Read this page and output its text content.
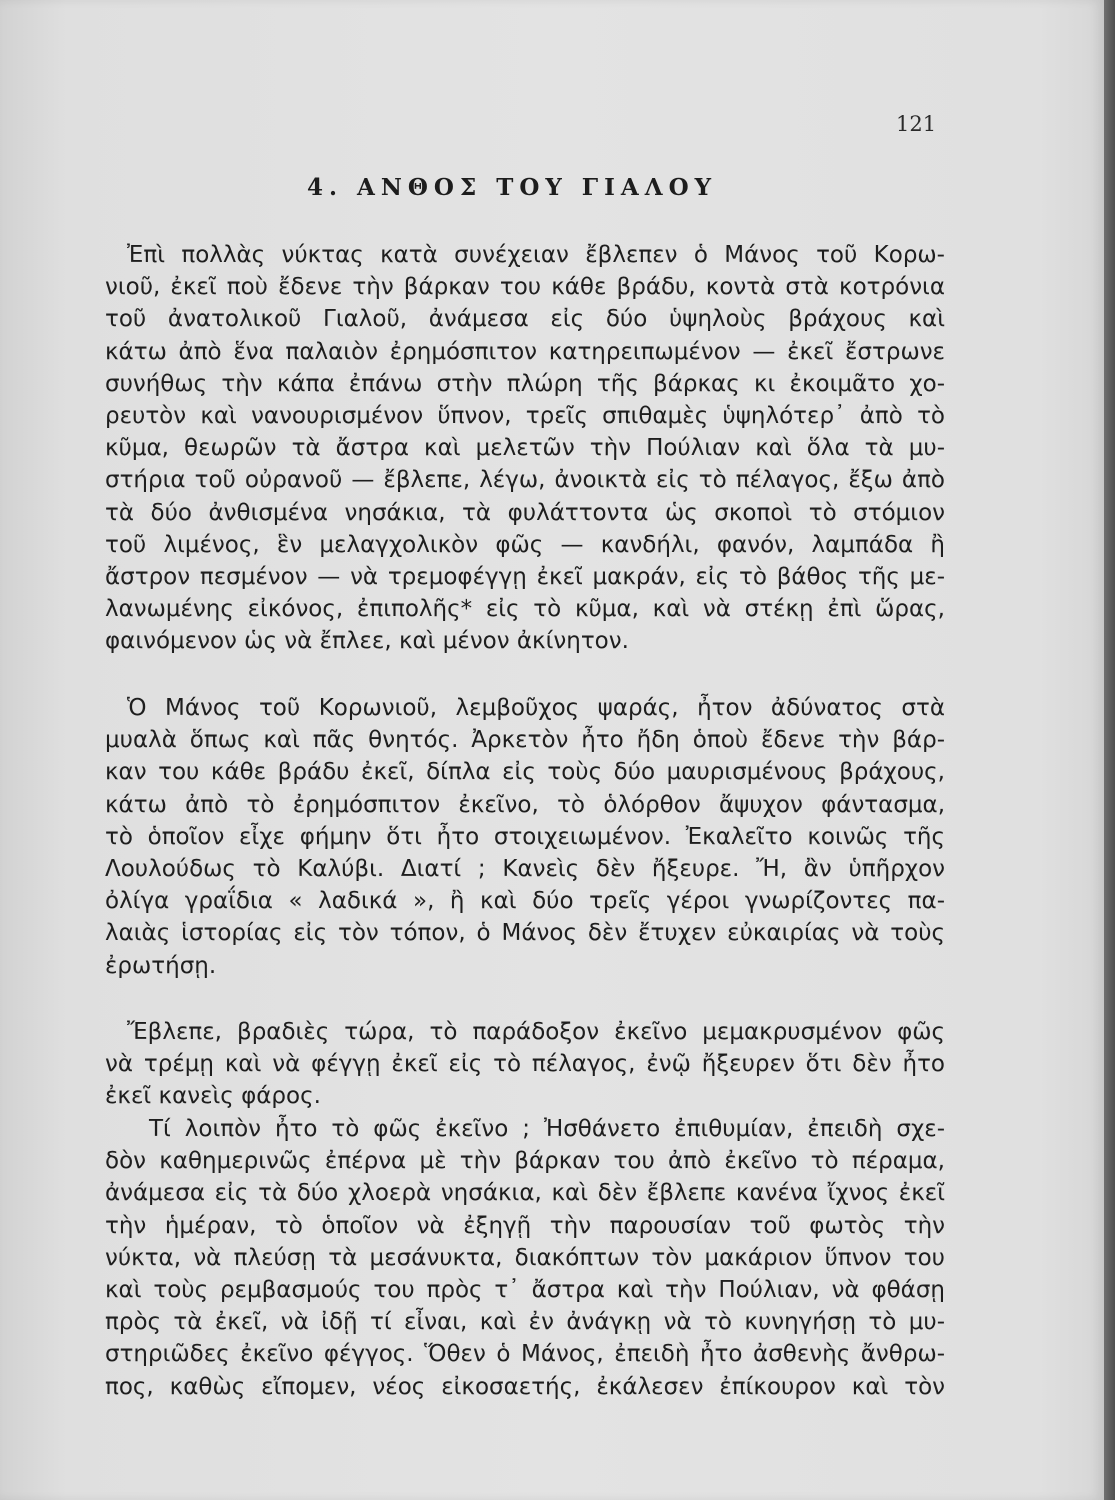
121
4. ΑΝΘΟΣ ΤΟΥ ΓΙΑΛΟΥ
Ἐπὶ πολλὰς νύκτας κατὰ συνέχειαν ἔβλεπεν ὁ Μάνος τοῦ Κορω-
νιοῦ, ἐκεῖ ποὺ ἔδενε τὴν βάρκαν του κάθε βράδυ, κοντὰ στὰ κοτρόνια
τοῦ ἀνατολικοῦ Γιαλοῦ, ἀνάμεσα εἰς δύο ὑψηλοὺς βράχους καὶ
κάτω ἀπὸ ἕνα παλαιὸν ἐρημόσπιτον κατηρειπωμένον — ἐκεῖ ἔστρωνε
συνήθως τὴν κάπα ἐπάνω στὴν πλώρη τῆς βάρκας κι ἐκοιμᾶτο χο-
ρευτὸν καὶ νανουρισμένον ὕπνον, τρεῖς σπιθαμὲς ὑψηλότερ᾽ ἀπὸ τὸ
κῦμα, θεωρῶν τὰ ἄστρα καὶ μελετῶν τὴν Πούλιαν καὶ ὅλα τὰ μυ-
στήρια τοῦ οὐρανοῦ — ἔβλεπε, λέγω, ἀνοικτὰ εἰς τὸ πέλαγος, ἔξω ἀπὸ
τὰ δύο ἀνθισμένα νησάκια, τὰ φυλάττοντα ὡς σκοποὶ τὸ στόμιον
τοῦ λιμένος, ἓν μελαγχολικὸν φῶς — κανδήλι, φανόν, λαμπάδα ἢ
ἄστρον πεσμένον — νὰ τρεμοφέγγῃ ἐκεῖ μακράν, εἰς τὸ βάθος τῆς με-
λανωμένης εἰκόνος, ἐπιπολῆς* εἰς τὸ κῦμα, καὶ νὰ στέκῃ ἐπὶ ὥρας,
φαινόμενον ὡς νὰ ἔπλεε, καὶ μένον ἀκίνητον.
Ὁ Μάνος τοῦ Κορωνιοῦ, λεμβοῦχος ψαράς, ἦτον ἀδύνατος στὰ
μυαλὰ ὅπως καὶ πᾶς θνητός. Ἀρκετὸν ἦτο ἤδη ὁποὺ ἔδενε τὴν βάρ-
καν του κάθε βράδυ ἐκεῖ, δίπλα εἰς τοὺς δύο μαυρισμένους βράχους,
κάτω ἀπὸ τὸ ἐρημόσπιτον ἐκεῖνο, τὸ ὁλόρθον ἄψυχον φάντασμα,
τὸ ὁποῖον εἶχε φήμην ὅτι ἦτο στοιχειωμένον. Ἐκαλεῖτο κοινῶς τῆς
Λουλούδως τὸ Καλύβι. Διατί ; Κανεὶς δὲν ἤξευρε. Ἤ, ἂν ὑπῆρχον
ὀλίγα γραΐδια « λαδικά », ἢ καὶ δύο τρεῖς γέροι γνωρίζοντες πα-
λαιὰς ἱστορίας εἰς τὸν τόπον, ὁ Μάνος δὲν ἔτυχεν εὐκαιρίας νὰ τοὺς
ἐρωτήσῃ.
Ἔβλεπε, βραδιὲς τώρα, τὸ παράδοξον ἐκεῖνο μεμακρυσμένον φῶς
νὰ τρέμῃ καὶ νὰ φέγγῃ ἐκεῖ εἰς τὸ πέλαγος, ἐνῷ ἤξευρεν ὅτι δὲν ἦτο
ἐκεῖ κανεὶς φάρος.
Τί λοιπὸν ἦτο τὸ φῶς ἐκεῖνο ; Ἠσθάνετο ἐπιθυμίαν, ἐπειδὴ σχε-
δὸν καθημερινῶς ἐπέρνα μὲ τὴν βάρκαν του ἀπὸ ἐκεῖνο τὸ πέραμα,
ἀνάμεσα εἰς τὰ δύο χλοερὰ νησάκια, καὶ δὲν ἔβλεπε κανένα ἴχνος ἐκεῖ
τὴν ἡμέραν, τὸ ὁποῖον νὰ ἐξηγῇ τὴν παρουσίαν τοῦ φωτὸς τὴν
νύκτα, νὰ πλεύσῃ τὰ μεσάνυκτα, διακόπτων τὸν μακάριον ὕπνον του
καὶ τοὺς ρεμβασμούς του πρὸς τ᾽ ἄστρα καὶ τὴν Πούλιαν, νὰ φθάσῃ
πρὸς τὰ ἐκεῖ, νὰ ἰδῇ τί εἶναι, καὶ ἐν ἀνάγκῃ νὰ τὸ κυνηγήσῃ τὸ μυ-
στηριῶδες ἐκεῖνο φέγγος. Ὅθεν ὁ Μάνος, ἐπειδὴ ἦτο ἀσθενὴς ἄνθρω-
πος, καθὼς εἴπομεν, νέος εἰκοσαετής, ἐκάλεσεν ἐπίκουρον καὶ τὸν
